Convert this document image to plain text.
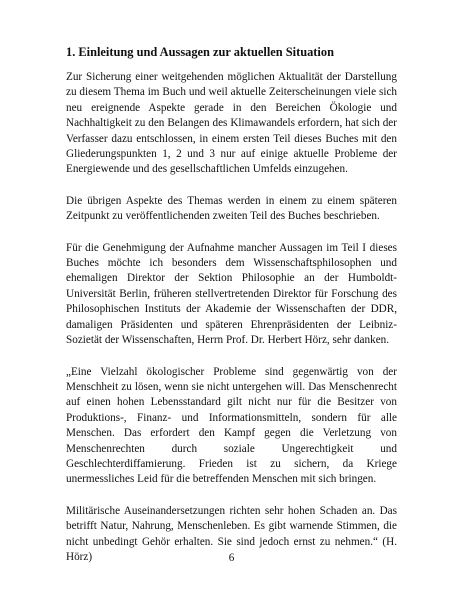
1. Einleitung und Aussagen zur aktuellen Situation

Zur Sicherung einer weitgehenden möglichen Aktualität der Darstellung zu diesem Thema im Buch und weil aktuelle Zeiterscheinungen viele sich neu ereignende Aspekte gerade in den Bereichen Ökologie und Nachhaltigkeit zu den Belangen des Klimawandels erfordern, hat sich der Verfasser dazu entschlossen, in einem ersten Teil dieses Buches mit den Gliederungspunkten 1, 2 und 3 nur auf einige aktuelle Probleme der Energiewende und des gesellschaftlichen Umfelds einzugehen.

Die übrigen Aspekte des Themas werden in einem zu einem späteren Zeitpunkt zu veröffentlichenden zweiten Teil des Buches beschrieben.

Für die Genehmigung der Aufnahme mancher Aussagen im Teil I dieses Buches möchte ich besonders dem Wissenschaftsphilosophen und ehemaligen Direktor der Sektion Philosophie an der Humboldt-Universität Berlin, früheren stellvertretenden Direktor für Forschung des Philosophischen Instituts der Akademie der Wissenschaften der DDR, damaligen Präsidenten und späteren Ehrenpräsidenten der Leibniz-Sozietät der Wissenschaften, Herrn Prof. Dr. Herbert Hörz, sehr danken.

„Eine Vielzahl ökologischer Probleme sind gegenwärtig von der Menschheit zu lösen, wenn sie nicht untergehen will. Das Menschenrecht auf einen hohen Lebensstandard gilt nicht nur für die Besitzer von Produktions-, Finanz- und Informationsmitteln, sondern für alle Menschen. Das erfordert den Kampf gegen die Verletzung von Menschenrechten durch soziale Ungerechtigkeit und Geschlechterdiffamierung. Frieden ist zu sichern, da Kriege unermessliches Leid für die betreffenden Menschen mit sich bringen.

Militärische Auseinandersetzungen richten sehr hohen Schaden an. Das betrifft Natur, Nahrung, Menschenleben. Es gibt warnende Stimmen, die nicht unbedingt Gehör erhalten. Sie sind jedoch ernst zu nehmen.“ (H. Hörz)	6
